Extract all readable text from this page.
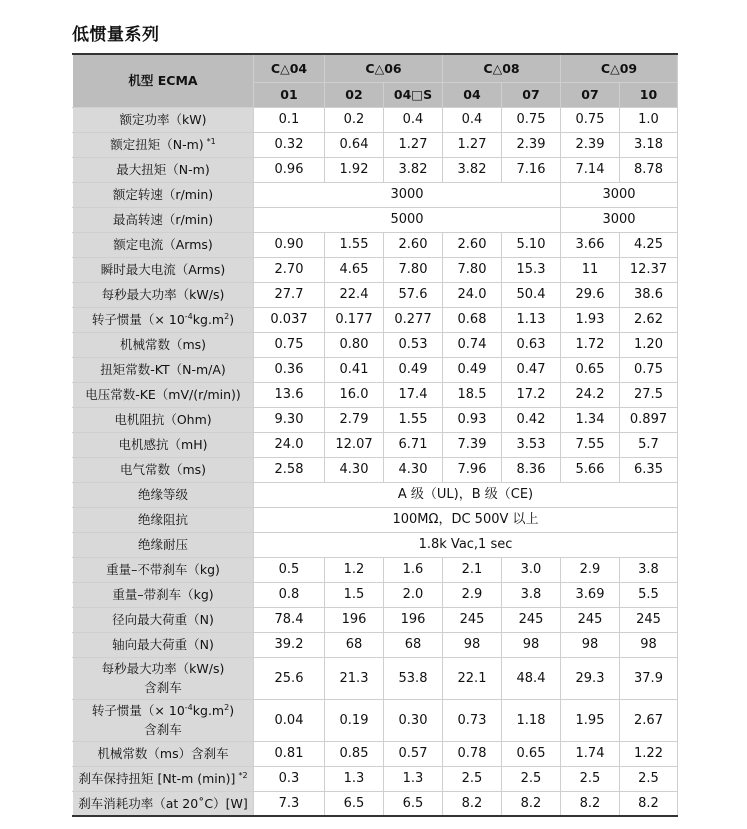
低惯量系列
机型 ECMA	C△04	C△06		C△08		C△09	
	01	02	04□S	04	07	07	10

额定功率（kW)	0.1	0.2	0.4	0.4	0.75	0.75	1.0

额定扭矩（N-m) $^{*1}$	0.32	0.64	1.27	1.27	2.39	2.39	3.18

最大扭矩（N-m)	0.96	1.92	3.82	3.82	7.16	7.14	8.78

额定转速（r/min)	3000					3000	

最高转速（r/min)	5000					3000	

额定电流（Arms)	0.90	1.55	2.60	2.60	5.10	3.66	4.25

瞬时最大电流（Arms)	2.70	4.65	7.80	7.80	15.3	11	12.37

每秒最大功率（kW/s)	27.7	22.4	57.6	24.0	50.4	29.6	38.6

转子惯量（× $10^{-4}kg.m^2$)	0.037	0.177	0.277	0.68	1.13	1.93	2.62

机械常数（ms)	0.75	0.80	0.53	0.74	0.63	1.72	1.20

扭矩常数-KT（N-m/A)	0.36	0.41	0.49	0.49	0.47	0.65	0.75

电压常数-KE（mV/(r/min))	13.6	16.0	17.4	18.5	17.2	24.2	27.5

电机阻抗（Ohm)	9.30	2.79	1.55	0.93	0.42	1.34	0.897

电机感抗（mH)	24.0	12.07	6.71	7.39	3.53	7.55	5.7

电气常数（ms)	2.58	4.30	4.30	7.96	8.36	5.66	6.35

绝缘等级	A 级（UL)，B 级（CE)						

绝缘阻抗	100MΩ，DC 500V 以上						

绝缘耐压	1.8k Vac,1 sec						

重量–不带刹车（kg)	0.5	1.2	1.6	2.1	3.0	2.9	3.8

重量–带刹车（kg)	0.8	1.5	2.0	2.9	3.8	3.69	5.5

径向最大荷重（N)	78.4	196	196	245	245	245	245

轴向最大荷重（N)	39.2	68	68	98	98	98	98

每秒最大功率（kW/s)
含刹车	25.6	21.3	53.8	22.1	48.4	29.3	37.9

转子惯量（× $10^{-4}kg.m^2$)
含刹车	0.04	0.19	0.30	0.73	1.18	1.95	2.67

机械常数（ms）含刹车	0.81	0.85	0.57	0.78	0.65	1.74	1.22

刹车保持扭矩 [Nt-m (min)] $^{*2}$	0.3	1.3	1.3	2.5	2.5	2.5	2.5

刹车消耗功率（at 20˚C）[W]	7.3	6.5	6.5	8.2	8.2	8.2	8.2
